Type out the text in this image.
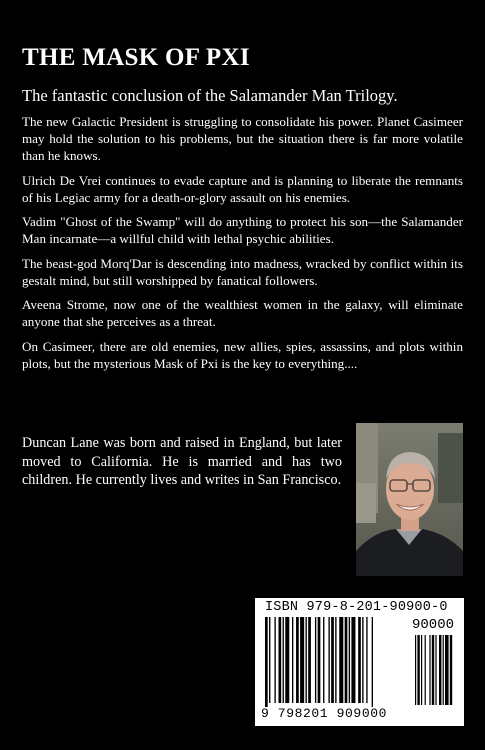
THE MASK OF PXI

The fantastic conclusion of the Salamander Man Trilogy.

The new Galactic President is struggling to consolidate his power. Planet Casimeer may hold the solution to his problems, but the situation there is far more volatile than he knows.

Ulrich De Vrei continues to evade capture and is planning to liberate the remnants of his Legiac army for a death-or-glory assault on his enemies.

Vadim "Ghost of the Swamp" will do anything to protect his son—the Salamander Man incarnate—a willful child with lethal psychic abilities.

The beast-god Morq'Dar is descending into madness, wracked by conflict within its gestalt mind, but still worshipped by fanatical followers.

Aveena Strome, now one of the wealthiest women in the galaxy, will eliminate anyone that she perceives as a threat.

On Casimeer, there are old enemies, new allies, spies, assassins, and plots within plots, but the mysterious Mask of Pxi is the key to everything....

Duncan Lane was born and raised in England, but later moved to California. He is married and has two children. He currently lives and writes in San Francisco.

ISBN 979-8-201-90900-0
90000
9 798201 909000
